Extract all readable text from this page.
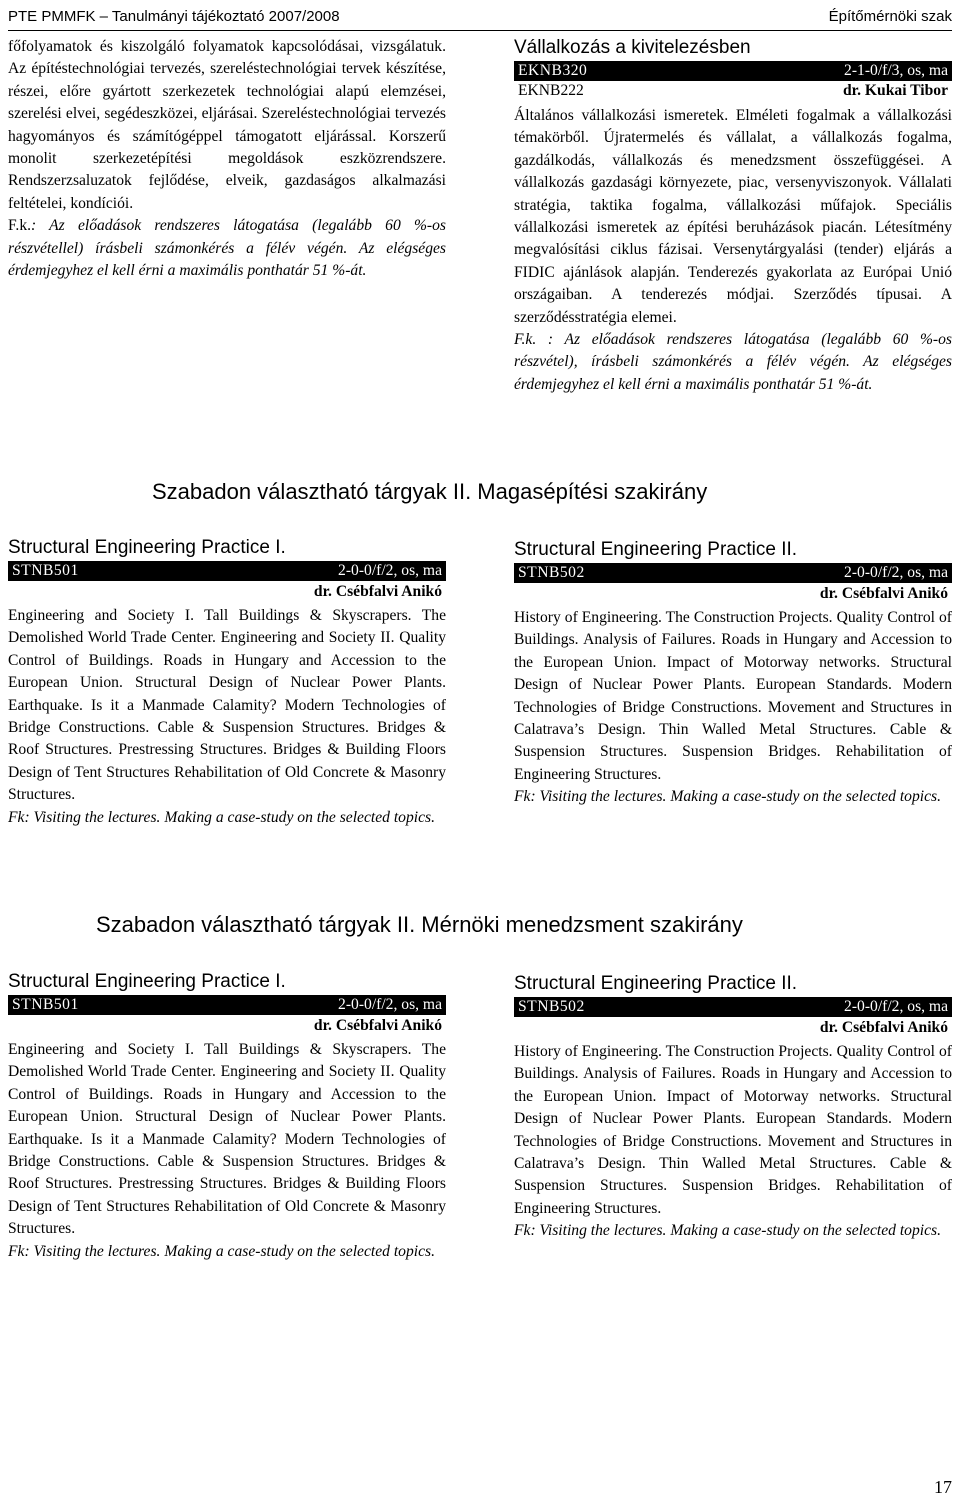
PTE PMMFK – Tanulmányi tájékoztató 2007/2008	Építőmérnöki szak
főfolyamatok és kiszolgáló folyamatok kapcsolódásai, vizsgálatuk. Az építéstechnológiai tervezés, szereléstechnológiai tervek készítése, részei, előre gyártott szerkezetek technológiai alapú elemzései, szerelési elvei, segédeszközei, eljárásai. Szereléstechnológiai tervezés hagyományos és számítógéppel támogatott eljárással. Korszerű monolit szerkezetépítési megoldások eszközrendszere. Rendszerzsaluzatok fejlődése, elveik, gazdaságos alkalmazási feltételei, kondíciói.
F.k.: Az előadások rendszeres látogatása (legalább 60 %-os részvétellel) írásbeli számonkérés a félév végén. Az elégséges érdemjegyhez el kell érni a maximális ponthatár 51 %-át.
Vállalkozás a kivitelezésben
EKNB320	2-1-0/f/3, os, ma
EKNB222	dr. Kukai Tibor
Általános vállalkozási ismeretek. Elméleti fogalmak a vállalkozási témakörből. Újratermelés és vállalat, a vállalkozás fogalma, gazdálkodás, vállalkozás és menedzsment összefüggései. A vállalkozás gazdasági környezete, piac, versenyviszonyok. Vállalati stratégia, taktika fogalma, vállalkozási műfajok. Speciális vállalkozási ismeretek az építési beruházások piacán. Létesítmény megvalósítási ciklus fázisai. Versenytárgyalási (tender) eljárás a FIDIC ajánlások alapján. Tenderezés gyakorlata az Európai Unió országaiban. A tenderezés módjai. Szerződés típusai. A szerződésstratégia elemei.
F.k. : Az előadások rendszeres látogatása (legalább 60 %-os részvétel), írásbeli számonkérés a félév végén. Az elégséges érdemjegyhez el kell érni a maximális ponthatár 51 %-át.
Szabadon választható tárgyak II. Magasépítési szakirány
Structural Engineering Practice I.
STNB501	2-0-0/f/2, os, ma
dr. Csébfalvi Anikó
Engineering and Society I. Tall Buildings & Skyscrapers. The Demolished World Trade Center. Engineering and Society II. Quality Control of Buildings. Roads in Hungary and Accession to the European Union. Structural Design of Nuclear Power Plants. Earthquake. Is it a Manmade Calamity? Modern Technologies of Bridge Constructions. Cable & Suspension Structures. Bridges & Roof Structures. Prestressing Structures. Bridges & Building Floors Design of Tent Structures Rehabilitation of Old Concrete & Masonry Structures.
Fk: Visiting the lectures. Making a case-study on the selected topics.
Structural Engineering Practice II.
STNB502	2-0-0/f/2, os, ma
dr. Csébfalvi Anikó
History of Engineering. The Construction Projects. Quality Control of Buildings. Analysis of Failures. Roads in Hungary and Accession to the European Union. Impact of Motorway networks. Structural Design of Nuclear Power Plants. European Standards. Modern Technologies of Bridge Constructions. Movement and Structures in Calatrava’s Design. Thin Walled Metal Structures. Cable & Suspension Structures. Suspension Bridges. Rehabilitation of Engineering Structures.
Fk: Visiting the lectures. Making a case-study on the selected topics.
Szabadon választható tárgyak II. Mérnöki menedzsment szakirány
Structural Engineering Practice I.
STNB501	2-0-0/f/2, os, ma
dr. Csébfalvi Anikó
Engineering and Society I. Tall Buildings & Skyscrapers. The Demolished World Trade Center. Engineering and Society II. Quality Control of Buildings. Roads in Hungary and Accession to the European Union. Structural Design of Nuclear Power Plants. Earthquake. Is it a Manmade Calamity? Modern Technologies of Bridge Constructions. Cable & Suspension Structures. Bridges & Roof Structures. Prestressing Structures. Bridges & Building Floors Design of Tent Structures Rehabilitation of Old Concrete & Masonry Structures.
Fk: Visiting the lectures. Making a case-study on the selected topics.
Structural Engineering Practice II.
STNB502	2-0-0/f/2, os, ma
dr. Csébfalvi Anikó
History of Engineering. The Construction Projects. Quality Control of Buildings. Analysis of Failures. Roads in Hungary and Accession to the European Union. Impact of Motorway networks. Structural Design of Nuclear Power Plants. European Standards. Modern Technologies of Bridge Constructions. Movement and Structures in Calatrava’s Design. Thin Walled Metal Structures. Cable & Suspension Structures. Suspension Bridges. Rehabilitation of Engineering Structures.
Fk: Visiting the lectures. Making a case-study on the selected topics.
17
